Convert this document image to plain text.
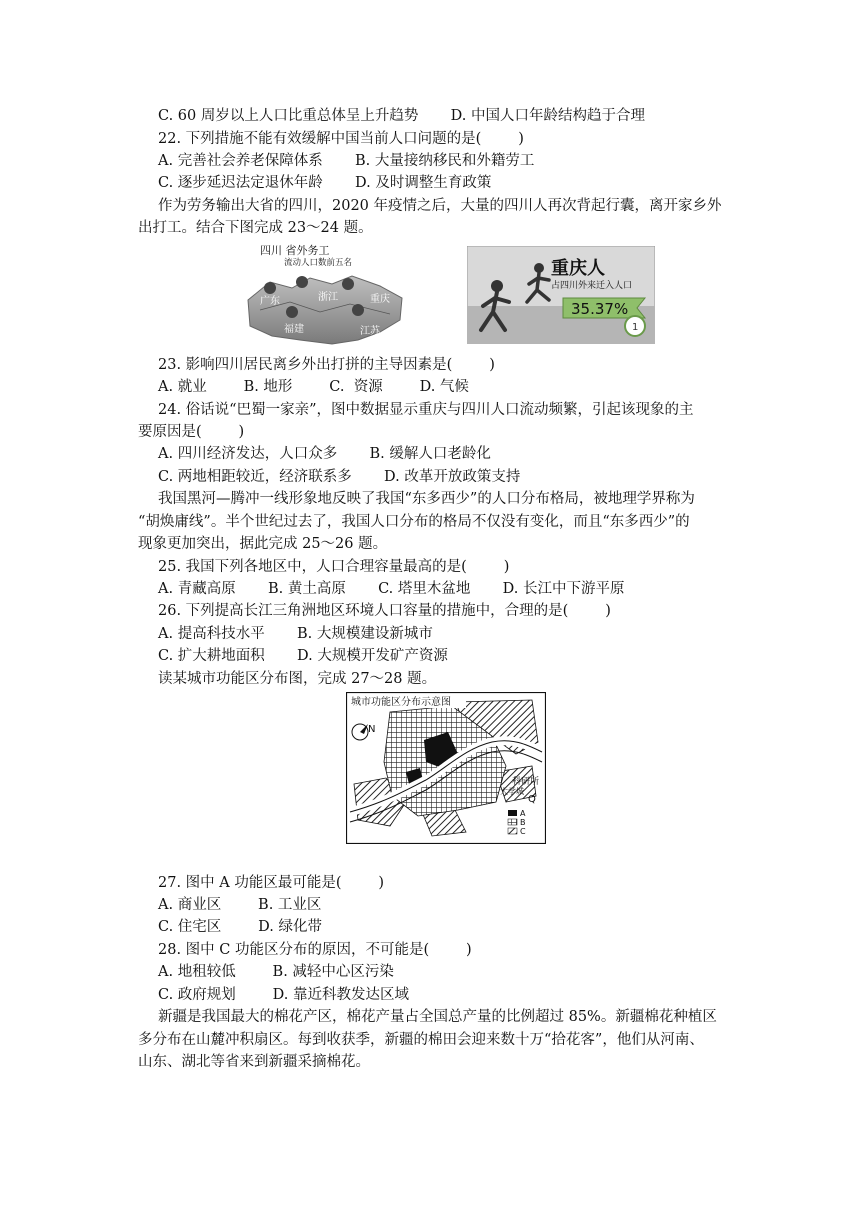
C. 60 周岁以上人口比重总体呈上升趋势       D. 中国人口年龄结构趋于合理
22. 下列措施不能有效缓解中国当前人口问题的是(        )
A. 完善社会养老保障体系       B. 大量接纳移民和外籍劳工
C. 逐步延迟法定退休年龄       D. 及时调整生育政策
作为劳务输出大省的四川，2020 年疫情之后，大量的四川人再次背起行囊，离开家乡外
出打工。结合下图完成 23～24 题。
四川 省外务工
流动人口数前五名
广东	浙江	重庆
福建	江苏	1
重庆人
占四川外来迁入人口
35.37%
23. 影响四川居民离乡外出打拼的主导因素是(        )
A. 就业        B. 地形        C.  资源        D. 气候
24. 俗话说“巴蜀一家亲”，图中数据显示重庆与四川人口流动频繁，引起该现象的主
要原因是(        )
A. 四川经济发达，人口众多       B. 缓解人口老龄化
C. 两地相距较近，经济联系多       D. 改革开放政策支持
我国黑河—腾冲一线形象地反映了我国“东多西少”的人口分布格局，被地理学界称为
“胡焕庸线”。半个世纪过去了，我国人口分布的格局不仅没有变化，而且“东多西少”的
现象更加突出，据此完成 25～26 题。
25. 我国下列各地区中，人口合理容量最高的是(        )
A. 青藏高原       B. 黄土高原       C. 塔里木盆地       D. 长江中下游平原
26. 下列提高长江三角洲地区环境人口容量的措施中，合理的是(        )
A. 提高科技水平       B. 大规模建设新城市
C. 扩大耕地面积       D. 大规模开发矿产资源
读某城市功能区分布图，完成 27～28 题。
城市功能区分布示意图
N
科研所
大学城
Q
A
B
C
27. 图中 A 功能区最可能是(        )
A. 商业区        B. 工业区
C. 住宅区        D. 绿化带
28. 图中 C 功能区分布的原因，不可能是(        )
A. 地租较低        B. 减轻中心区污染
C. 政府规划        D. 靠近科教发达区域
新疆是我国最大的棉花产区，棉花产量占全国总产量的比例超过 85%。新疆棉花种植区
多分布在山麓冲积扇区。每到收获季，新疆的棉田会迎来数十万“拾花客”，他们从河南、
山东、湖北等省来到新疆采摘棉花。
